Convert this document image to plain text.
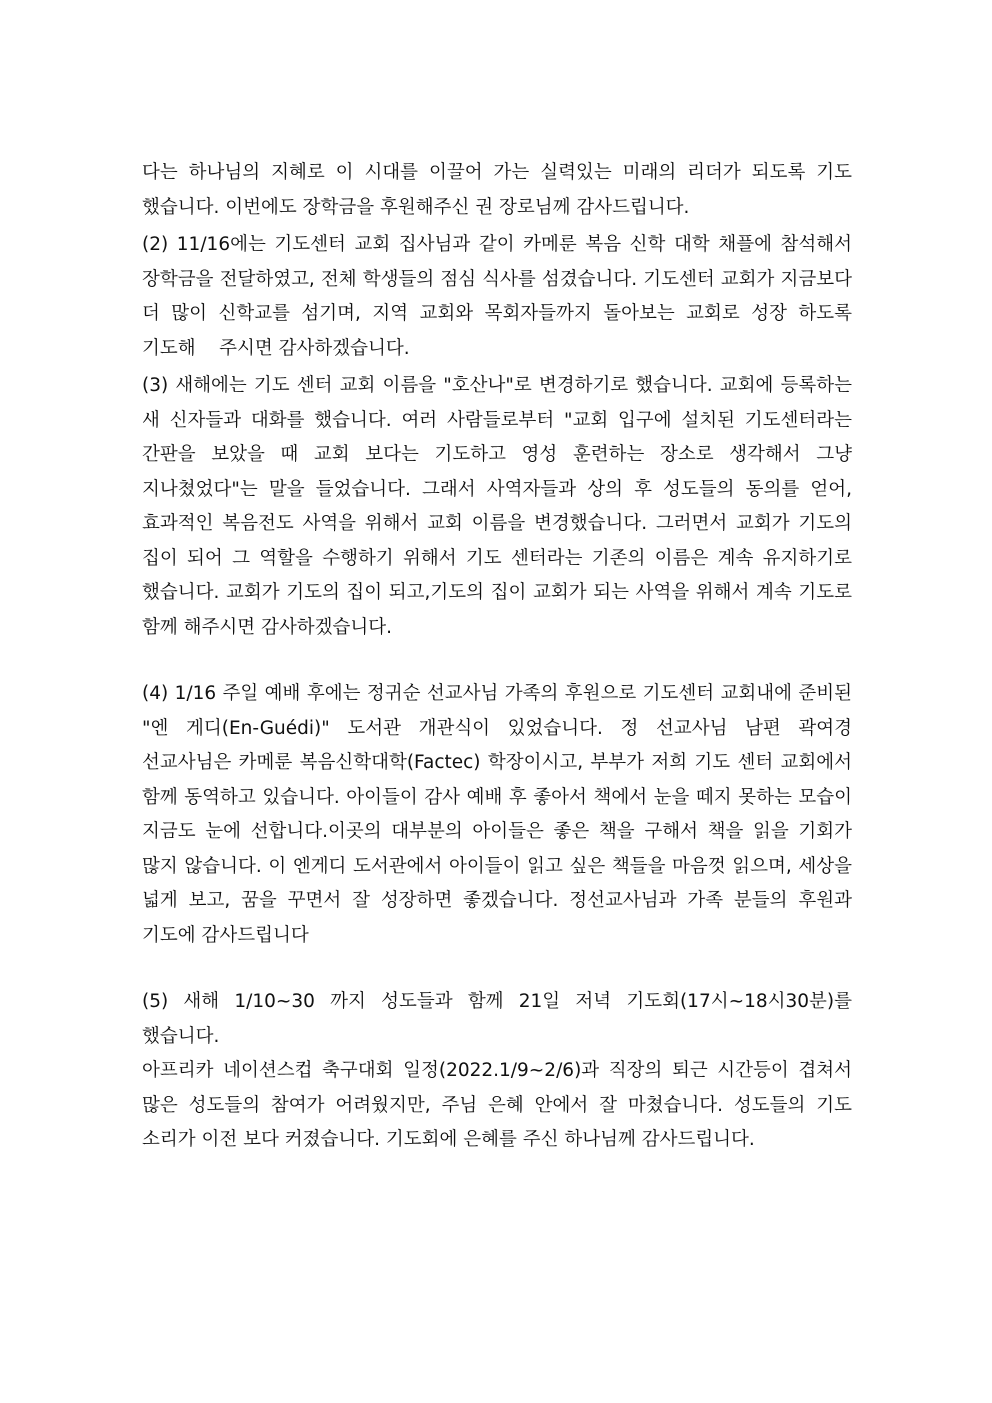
다는 하나님의 지혜로 이 시대를 이끌어 가는 실력있는 미래의 리더가 되도록 기도 했습니다. 이번에도 장학금을 후원해주신 권 장로님께 감사드립니다.

(2) 11/16에는 기도센터 교회 집사님과 같이 카메룬 복음 신학 대학 채플에 참석해서 장학금을 전달하였고, 전체 학생들의 점심 식사를 섬겼습니다. 기도센터 교회가 지금보다 더 많이 신학교를 섬기며, 지역 교회와 목회자들까지 돌아보는 교회로 성장 하도록 기도해    주시면 감사하겠습니다.

(3) 새해에는 기도 센터 교회 이름을 "호산나"로 변경하기로 했습니다. 교회에 등록하는 새 신자들과 대화를 했습니다. 여러 사람들로부터 "교회 입구에 설치된 기도센터라는 간판을 보았을 때 교회 보다는 기도하고 영성 훈련하는 장소로 생각해서 그냥 지나쳤었다"는 말을 들었습니다. 그래서 사역자들과 상의 후 성도들의 동의를 얻어, 효과적인 복음전도 사역을 위해서 교회 이름을 변경했습니다. 그러면서 교회가 기도의 집이 되어 그 역할을 수행하기 위해서 기도 센터라는 기존의 이름은 계속 유지하기로 했습니다. 교회가 기도의 집이 되고,기도의 집이 교회가 되는 사역을 위해서 계속 기도로 함께 해주시면 감사하겠습니다.

(4) 1/16 주일 예배 후에는 정귀순 선교사님 가족의 후원으로 기도센터 교회내에 준비된 "엔 게디(En-Guédi)" 도서관 개관식이 있었습니다. 정 선교사님 남편 곽여경 선교사님은 카메룬 복음신학대학(Factec) 학장이시고, 부부가 저희 기도 센터 교회에서 함께 동역하고 있습니다. 아이들이 감사 예배 후 좋아서 책에서 눈을 떼지 못하는 모습이 지금도 눈에 선합니다.이곳의 대부분의 아이들은 좋은 책을 구해서 책을 읽을 기회가 많지 않습니다. 이 엔게디 도서관에서 아이들이 읽고 싶은 책들을 마음껏 읽으며, 세상을 넓게 보고, 꿈을 꾸면서 잘 성장하면 좋겠습니다. 정선교사님과 가족 분들의 후원과 기도에 감사드립니다

(5) 새해 1/10~30 까지 성도들과 함께 21일 저녁 기도회(17시~18시30분)를 했습니다.

아프리카 네이션스컵 축구대회 일정(2022.1/9~2/6)과 직장의 퇴근 시간등이 겹쳐서 많은 성도들의 참여가 어려웠지만, 주님 은혜 안에서 잘 마쳤습니다. 성도들의 기도 소리가 이전 보다 커졌습니다. 기도회에 은혜를 주신 하나님께 감사드립니다.
